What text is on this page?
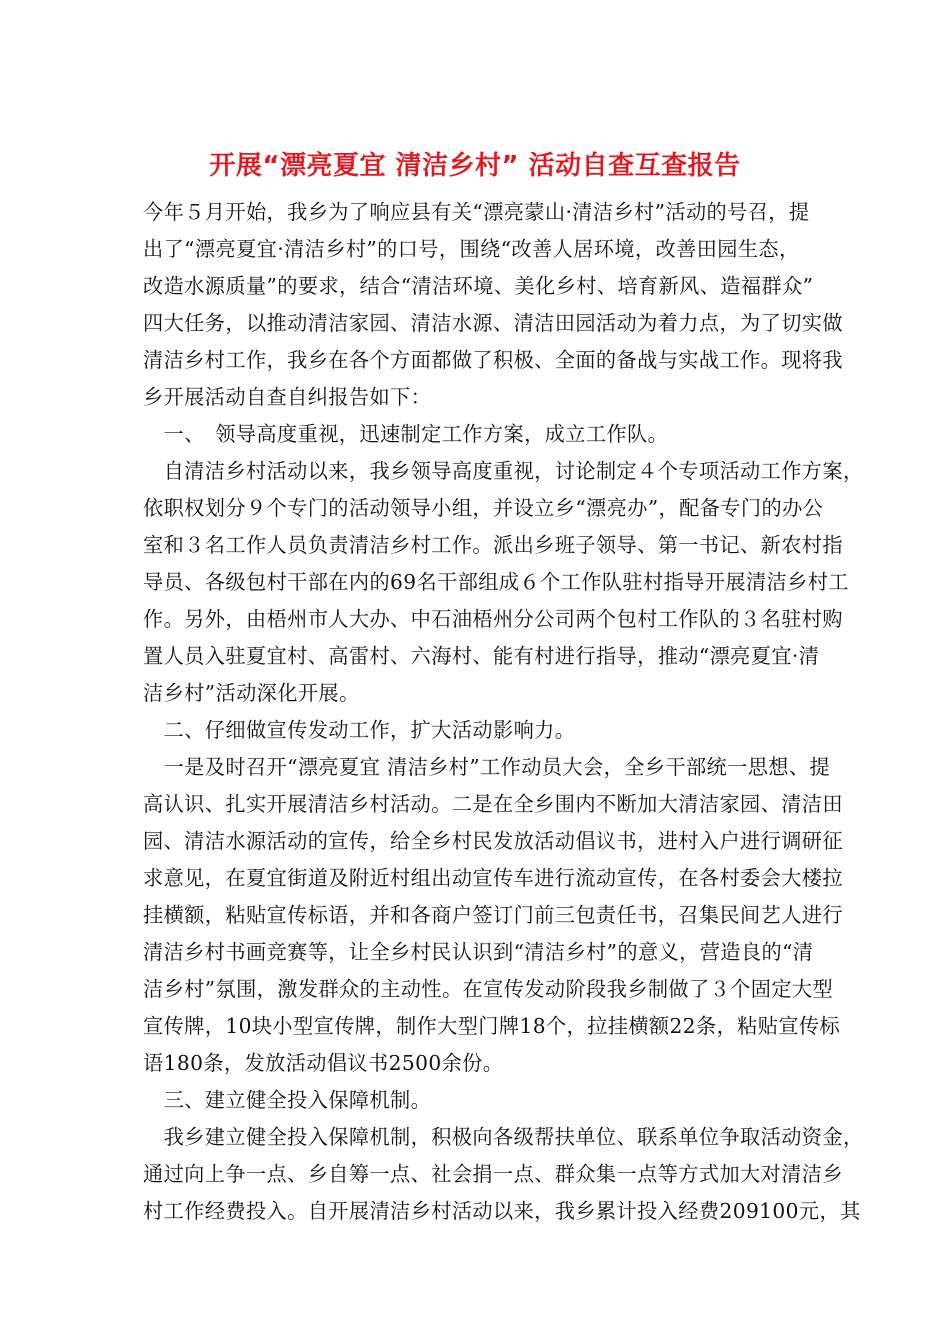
开展“漂亮夏宜 清洁乡村” 活动自查互查报告
今年５月开始，我乡为了响应县有关“漂亮蒙山·清洁乡村”活动的号召，提
出了“漂亮夏宜·清洁乡村”的口号，围绕“改善人居环境，改善田园生态，
改造水源质量”的要求，结合“清洁环境、美化乡村、培育新风、造福群众”
四大任务，以推动清洁家园、清洁水源、清洁田园活动为着力点，为了切实做
清洁乡村工作，我乡在各个方面都做了积极、全面的备战与实战工作。现将我
乡开展活动自查自纠报告如下：
　一、　领导高度重视，迅速制定工作方案，成立工作队。
　自清洁乡村活动以来，我乡领导高度重视，讨论制定４个专项活动工作方案，
依职权划分９个专门的活动领导小组，并设立乡“漂亮办”，配备专门的办公
室和３名工作人员负责清洁乡村工作。派出乡班子领导、第一书记、新农村指
导员、各级包村干部在内的69名干部组成６个工作队驻村指导开展清洁乡村工
作。另外，由梧州市人大办、中石油梧州分公司两个包村工作队的３名驻村购
置人员入驻夏宜村、高雷村、六海村、能有村进行指导，推动“漂亮夏宜·清
洁乡村”活动深化开展。
　二、仔细做宣传发动工作，扩大活动影响力。
　一是及时召开“漂亮夏宜 清洁乡村”工作动员大会，全乡干部统一思想、提
高认识、扎实开展清洁乡村活动。二是在全乡围内不断加大清洁家园、清洁田
园、清洁水源活动的宣传，给全乡村民发放活动倡议书，进村入户进行调研征
求意见，在夏宜街道及附近村组出动宣传车进行流动宣传，在各村委会大楼拉
挂横额，粘贴宣传标语，并和各商户签订门前三包责任书，召集民间艺人进行
清洁乡村书画竞赛等，让全乡村民认识到“清洁乡村”的意义，营造良的“清
洁乡村”氛围，激发群众的主动性。在宣传发动阶段我乡制做了３个固定大型
宣传牌，10块小型宣传牌，制作大型门牌18个，拉挂横额22条，粘贴宣传标
语180条，发放活动倡议书2500余份。
　三、建立健全投入保障机制。
　我乡建立健全投入保障机制，积极向各级帮扶单位、联系单位争取活动资金，
通过向上争一点、乡自筹一点、社会捐一点、群众集一点等方式加大对清洁乡
村工作经费投入。自开展清洁乡村活动以来，我乡累计投入经费209100元，其
